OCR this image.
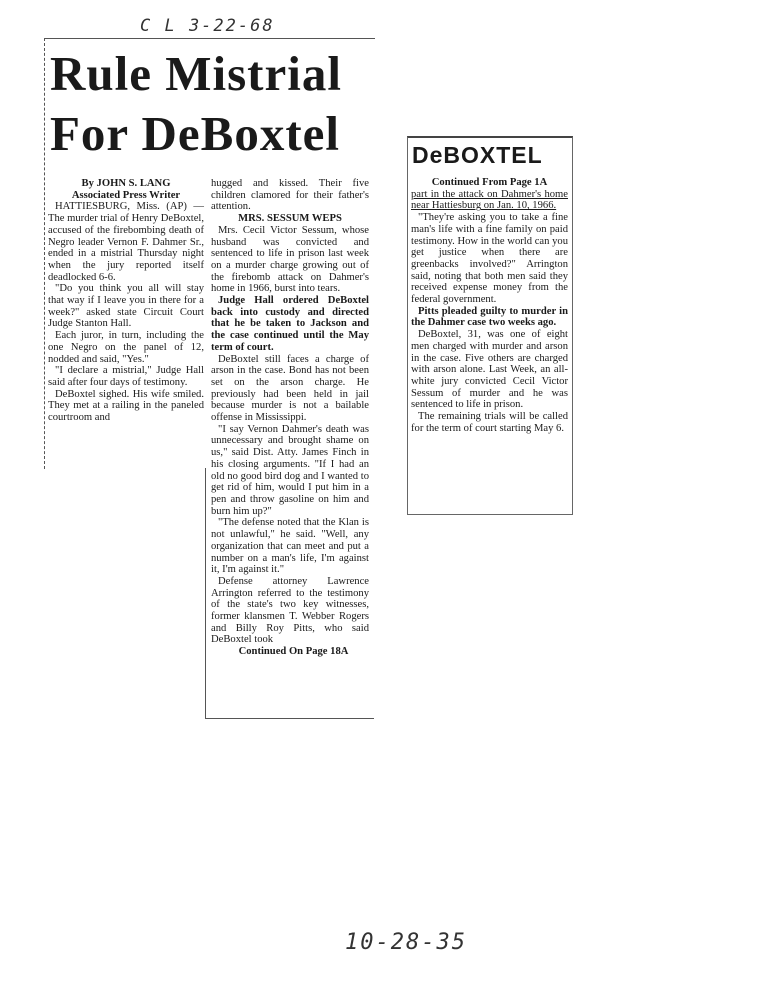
C L 3-22-68
Rule Mistrial
For DeBoxtel

By JOHN S. LANG

Associated Press Writer

HATTIESBURG, Miss. (AP) — The murder trial of Henry DeBoxtel, accused of the firebombing death of Negro leader Vernon F. Dahmer Sr., ended in a mistrial Thursday night when the jury reported itself deadlocked 6-6.

"Do you think you all will stay that way if I leave you in there for a week?" asked state Circuit Court Judge Stanton Hall.

Each juror, in turn, including the one Negro on the panel of 12, nodded and said, "Yes."

"I declare a mistrial," Judge Hall said after four days of testimony.

DeBoxtel sighed. His wife smiled. They met at a railing in the paneled courtroom and

hugged and kissed. Their five children clamored for their father's attention.

MRS. SESSUM WEPS

Mrs. Cecil Victor Sessum, whose husband was convicted and sentenced to life in prison last week on a murder charge growing out of the firebomb attack on Dahmer's home in 1966, burst into tears.

Judge Hall ordered DeBoxtel back into custody and directed that he be taken to Jackson and the case continued until the May term of court.

DeBoxtel still faces a charge of arson in the case. Bond has not been set on the arson charge. He previously had been held in jail because murder is not a bailable offense in Mississippi.

"I say Vernon Dahmer's death was unnecessary and brought shame on us," said Dist. Atty. James Finch in his closing arguments. "If I had an old no good bird dog and I wanted to get rid of him, would I put him in a pen and throw gasoline on him and burn him up?"

"The defense noted that the Klan is not unlawful," he said. "Well, any organization that can meet and put a number on a man's life, I'm against it, I'm against it."

Defense attorney Lawrence Arrington referred to the testimony of the state's two key witnesses, former klansmen T. Webber Rogers and Billy Roy Pitts, who said DeBoxtel took

Continued On Page 18A

DeBOXTEL

Continued From Page 1A

part in the attack on Dahmer's home near Hattiesburg on Jan. 10, 1966.

"They're asking you to take a fine man's life with a fine family on paid testimony. How in the world can you get justice when there are greenbacks involved?" Arrington said, noting that both men said they received expense money from the federal government.

Pitts pleaded guilty to murder in the Dahmer case two weeks ago.

DeBoxtel, 31, was one of eight men charged with murder and arson in the case. Five others are charged with arson alone. Last Week, an all-white jury convicted Cecil Victor Sessum of murder and he was sentenced to life in prison.

The remaining trials will be called for the term of court starting May 6.

10-28-35
